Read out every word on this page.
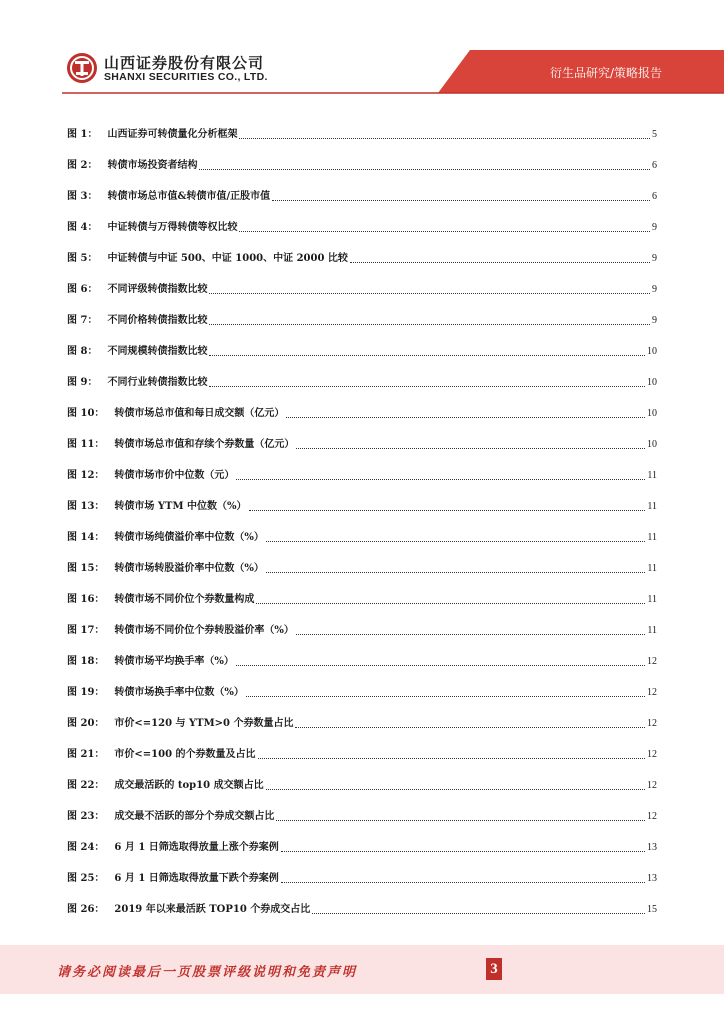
山西证券股份有限公司
SHANXI SECURITIES CO., LTD.	衍生品研究/策略报告
图 1： 山西证券可转债量化分析框架	5
图 2： 转债市场投资者结构	6
图 3： 转债市场总市值&转债市值/正股市值	6
图 4： 中证转债与万得转债等权比较	9
图 5： 中证转债与中证 500、中证 1000、中证 2000 比较	9
图 6： 不同评级转债指数比较	9
图 7： 不同价格转债指数比较	9
图 8： 不同规模转债指数比较	10
图 9： 不同行业转债指数比较	10
图 10： 转债市场总市值和每日成交额（亿元）	10
图 11： 转债市场总市值和存续个券数量（亿元）	10
图 12： 转债市场市价中位数（元）	11
图 13： 转债市场 YTM 中位数（%）	11
图 14： 转债市场纯债溢价率中位数（%）	11
图 15： 转债市场转股溢价率中位数（%）	11
图 16： 转债市场不同价位个券数量构成	11
图 17： 转债市场不同价位个券转股溢价率（%）	11
图 18： 转债市场平均换手率（%）	12
图 19： 转债市场换手率中位数（%）	12
图 20： 市价<=120 与 YTM>0 个券数量占比	12
图 21： 市价<=100 的个券数量及占比	12
图 22： 成交最活跃的 top10 成交额占比	12
图 23： 成交最不活跃的部分个券成交额占比	12
图 24： 6 月 1 日筛选取得放量上涨个券案例	13
图 25： 6 月 1 日筛选取得放量下跌个券案例	13
图 26： 2019 年以来最活跃 TOP10 个券成交占比	15
请务必阅读最后一页股票评级说明和免责声明	3
